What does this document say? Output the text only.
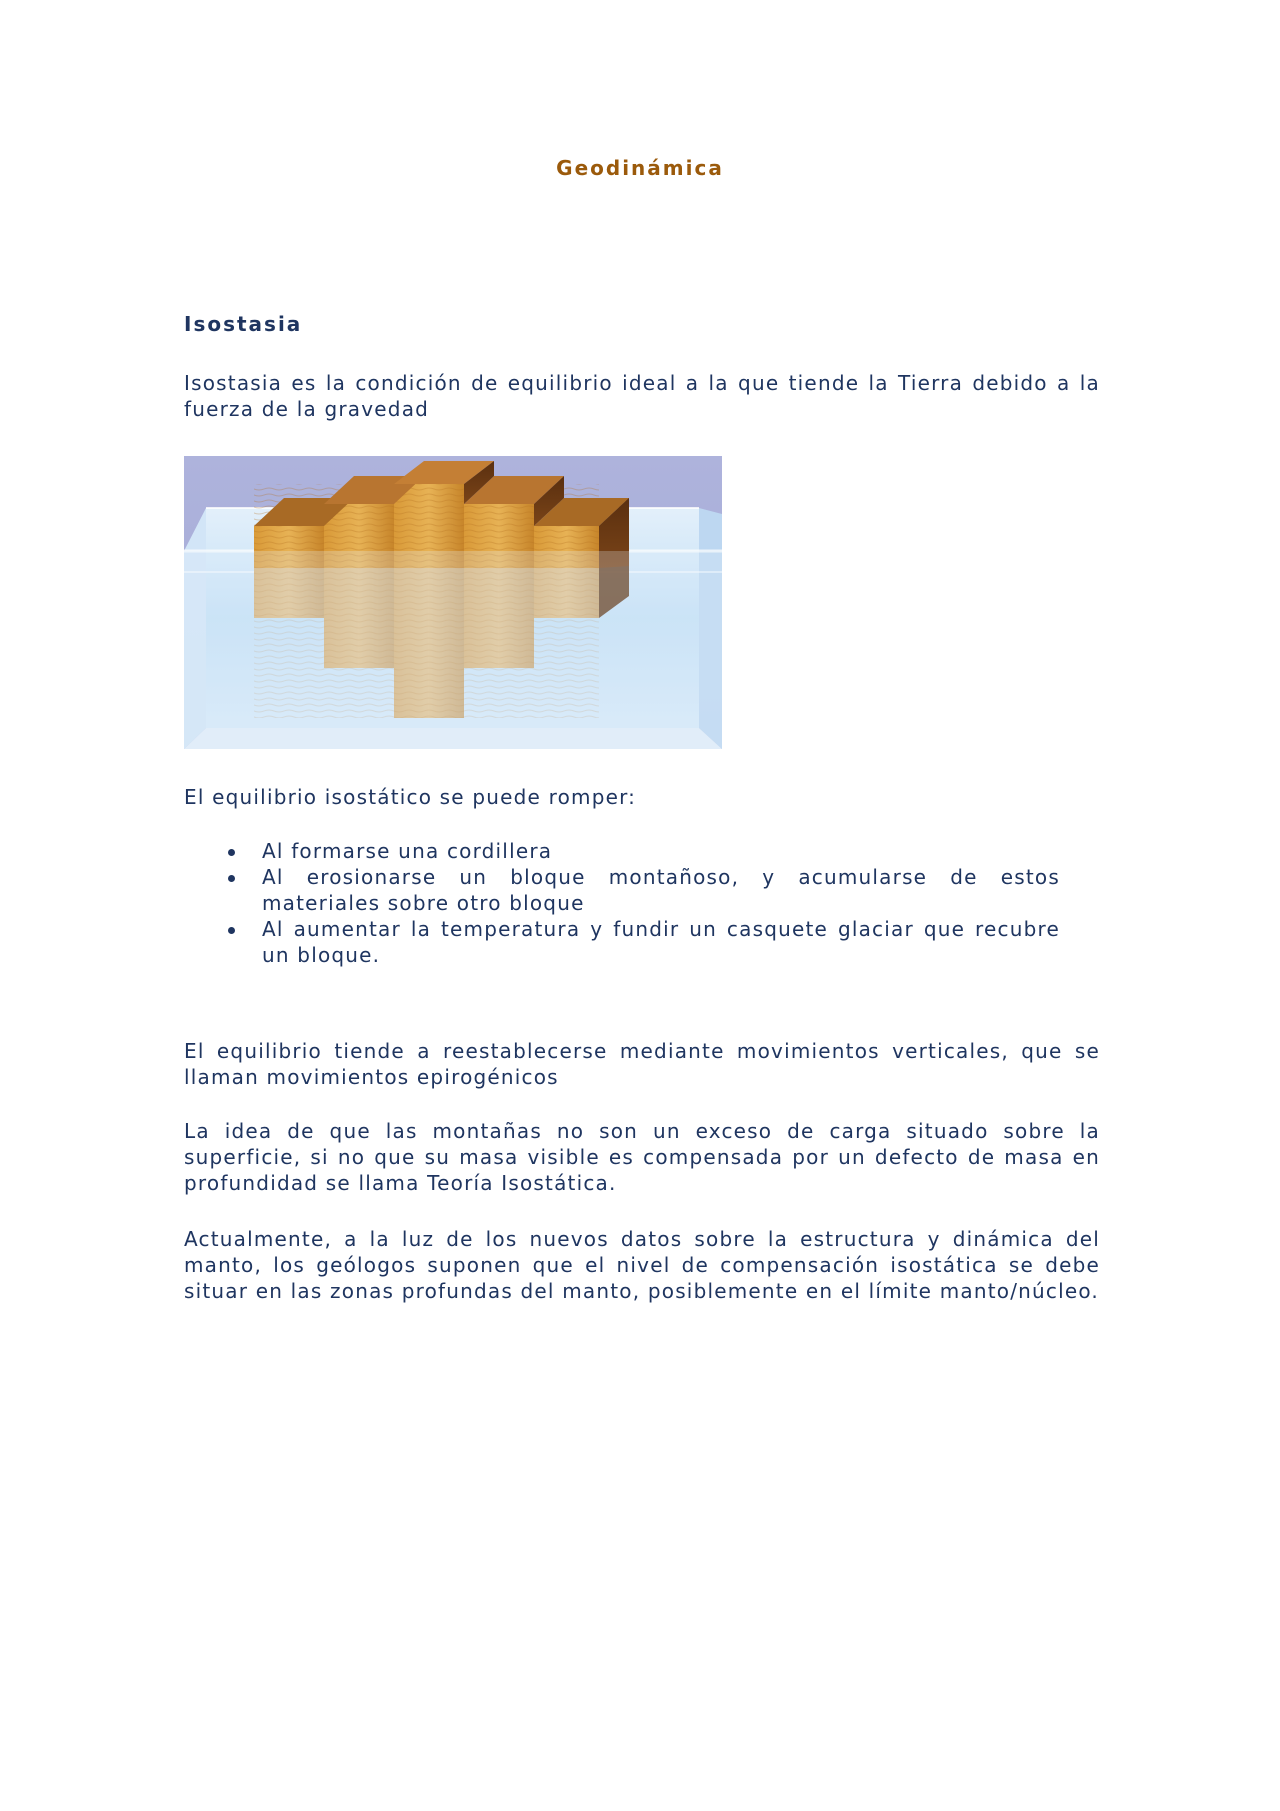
Geodinámica
Isostasia

Isostasia es la condición de equilibrio ideal a la que tiende la Tierra debido a la fuerza de la gravedad

El equilibrio isostático se puede romper:

Al formarse una cordillera
Al erosionarse un bloque montañoso, y acumularse de estos materiales sobre otro bloque
Al aumentar la temperatura y fundir un casquete glaciar que recubre un bloque.

El equilibrio tiende a reestablecerse mediante movimientos verticales, que se llaman movimientos epirogénicos

La idea de que las montañas no son un exceso de carga situado sobre la superficie, si no que su masa visible es compensada por un defecto de masa en profundidad se llama Teoría Isostática.

Actualmente, a la luz de los nuevos datos sobre la estructura y dinámica del manto, los geólogos suponen que el nivel de compensación isostática se debe situar en las zonas profundas del manto, posiblemente en el límite manto/núcleo.
